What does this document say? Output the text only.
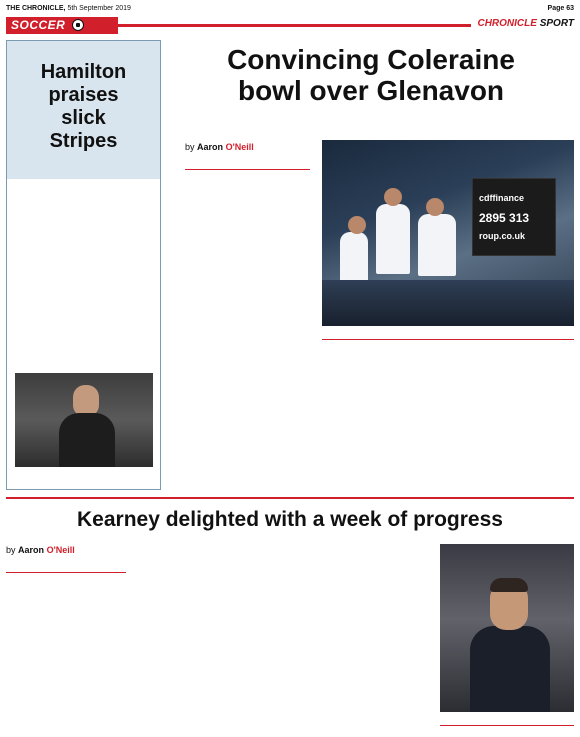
THE CHRONICLE, 5th September 2019	Page 63
SOCCER	CHRONICLE SPORT
Hamilton
praises
slick
Stripes
Convincing Coleraine
bowl over Glenavon
by Aaron O'Neill
cdffinance
2895 313
roup.co.uk
Kearney delighted with a week of progress
by Aaron O'Neill
